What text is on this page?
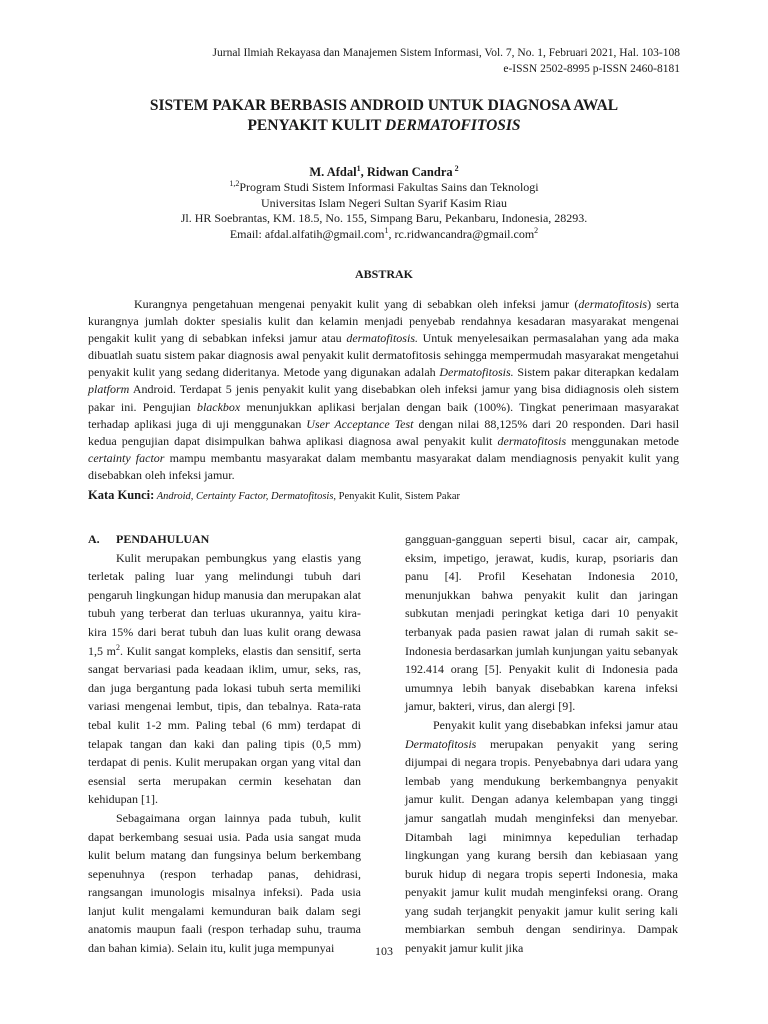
Jurnal Ilmiah Rekayasa dan Manajemen Sistem Informasi, Vol. 7, No. 1, Februari 2021, Hal. 103-108
e-ISSN 2502-8995 p-ISSN 2460-8181
SISTEM PAKAR BERBASIS ANDROID UNTUK DIAGNOSA AWAL
PENYAKIT KULIT DERMATOFITOSIS
M. Afdal$^1$, Ridwan Candra $^2$
$^{1,2}$Program Studi Sistem Informasi Fakultas Sains dan Teknologi
Universitas Islam Negeri Sultan Syarif Kasim Riau
Jl. HR Soebrantas, KM. 18.5, No. 155, Simpang Baru, Pekanbaru, Indonesia, 28293.
Email: afdal.alfatih@gmail.com$^1$, rc.ridwancandra@gmail.com$^2$
ABSTRAK
Kurangnya pengetahuan mengenai penyakit kulit yang di sebabkan oleh infeksi jamur (dermatofitosis) serta kurangnya jumlah dokter spesialis kulit dan kelamin menjadi penyebab rendahnya kesadaran masyarakat mengenai pengakit kulit yang di sebabkan infeksi jamur atau dermatofitosis. Untuk menyelesaikan permasalahan yang ada maka dibuatlah suatu sistem pakar diagnosis awal penyakit kulit dermatofitosis sehingga mempermudah masyarakat mengetahui penyakit kulit yang sedang dideritanya. Metode yang digunakan adalah Dermatofitosis. Sistem pakar diterapkan kedalam platform Android. Terdapat 5 jenis penyakit kulit yang disebabkan oleh infeksi jamur yang bisa didiagnosis oleh sistem pakar ini. Pengujian blackbox menunjukkan aplikasi berjalan dengan baik (100%). Tingkat penerimaan masyarakat terhadap aplikasi juga di uji menggunakan User Acceptance Test dengan nilai 88,125% dari 20 responden. Dari hasil kedua pengujian dapat disimpulkan bahwa aplikasi diagnosa awal penyakit kulit dermatofitosis menggunakan metode certainty factor mampu membantu masyarakat dalam membantu masyarakat dalam mendiagnosis penyakit kulit yang disebabkan oleh infeksi jamur.
Kata Kunci: Android, Certainty Factor, Dermatofitosis, Penyakit Kulit, Sistem Pakar
A. PENDAHULUAN

Kulit merupakan pembungkus yang elastis yang terletak paling luar yang melindungi tubuh dari pengaruh lingkungan hidup manusia dan merupakan alat tubuh yang terberat dan terluas ukurannya, yaitu kira-kira 15% dari berat tubuh dan luas kulit orang dewasa 1,5 $m^2$. Kulit sangat kompleks, elastis dan sensitif, serta sangat bervariasi pada keadaan iklim, umur, seks, ras, dan juga bergantung pada lokasi tubuh serta memiliki variasi mengenai lembut, tipis, dan tebalnya. Rata-rata tebal kulit 1-2 mm. Paling tebal (6 mm) terdapat di telapak tangan dan kaki dan paling tipis (0,5 mm) terdapat di penis. Kulit merupakan organ yang vital dan esensial serta merupakan cermin kesehatan dan kehidupan [1].

Sebagaimana organ lainnya pada tubuh, kulit dapat berkembang sesuai usia. Pada usia sangat muda kulit belum matang dan fungsinya belum berkembang sepenuhnya (respon terhadap panas, dehidrasi, rangsangan imunologis misalnya infeksi). Pada usia lanjut kulit mengalami kemunduran baik dalam segi anatomis maupun faali (respon terhadap suhu, trauma dan bahan kimia). Selain itu, kulit juga mempunyai

gangguan-gangguan seperti bisul, cacar air, campak, eksim, impetigo, jerawat, kudis, kurap, psoriaris dan panu [4]. Profil Kesehatan Indonesia 2010, menunjukkan bahwa penyakit kulit dan jaringan subkutan menjadi peringkat ketiga dari 10 penyakit terbanyak pada pasien rawat jalan di rumah sakit se-Indonesia berdasarkan jumlah kunjungan yaitu sebanyak 192.414 orang [5]. Penyakit kulit di Indonesia pada umumnya lebih banyak disebabkan karena infeksi jamur, bakteri, virus, dan alergi [9].

Penyakit kulit yang disebabkan infeksi jamur atau Dermatofitosis merupakan penyakit yang sering dijumpai di negara tropis. Penyebabnya dari udara yang lembab yang mendukung berkembangnya penyakit jamur kulit. Dengan adanya kelembapan yang tinggi jamur sangatlah mudah menginfeksi dan menyebar. Ditambah lagi minimnya kepedulian terhadap lingkungan yang kurang bersih dan kebiasaan yang buruk hidup di negara tropis seperti Indonesia, maka penyakit jamur kulit mudah menginfeksi orang. Orang yang sudah terjangkit penyakit jamur kulit sering kali membiarkan sembuh dengan sendirinya. Dampak penyakit jamur kulit jika

103
